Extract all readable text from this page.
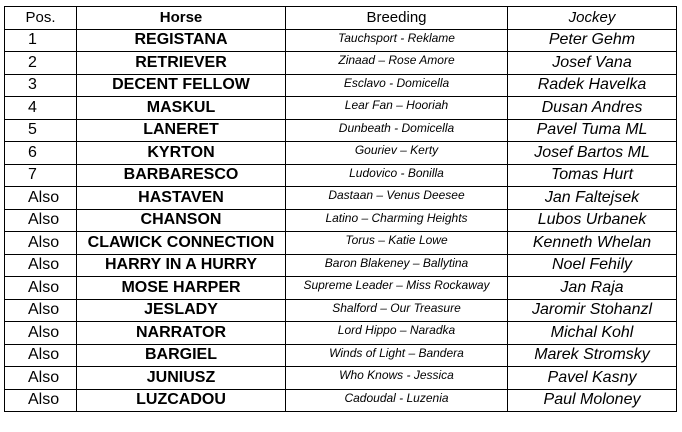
Pos.	Horse	Breeding	Jockey
1	REGISTANA	Tauchsport - Reklame	Peter Gehm
2	RETRIEVER	Zinaad – Rose Amore	Josef Vana
3	DECENT FELLOW	Esclavo - Domicella	Radek Havelka
4	MASKUL	Lear Fan – Hooriah	Dusan Andres
5	LANERET	Dunbeath - Domicella	Pavel Tuma ML
6	KYRTON	Gouriev – Kerty	Josef Bartos ML
7	BARBARESCO	Ludovico - Bonilla	Tomas Hurt
Also	HASTAVEN	Dastaan – Venus Deesee	Jan Faltejsek
Also	CHANSON	Latino – Charming Heights	Lubos Urbanek
Also	CLAWICK CONNECTION	Torus – Katie Lowe	Kenneth Whelan
Also	HARRY IN A HURRY	Baron Blakeney – Ballytina	Noel Fehily
Also	MOSE HARPER	Supreme Leader – Miss Rockaway	Jan Raja
Also	JESLADY	Shalford – Our Treasure	Jaromir Stohanzl
Also	NARRATOR	Lord Hippo – Naradka	Michal Kohl
Also	BARGIEL	Winds of Light – Bandera	Marek Stromsky
Also	JUNIUSZ	Who Knows - Jessica	Pavel Kasny
Also	LUZCADOU	Cadoudal - Luzenia	Paul Moloney
